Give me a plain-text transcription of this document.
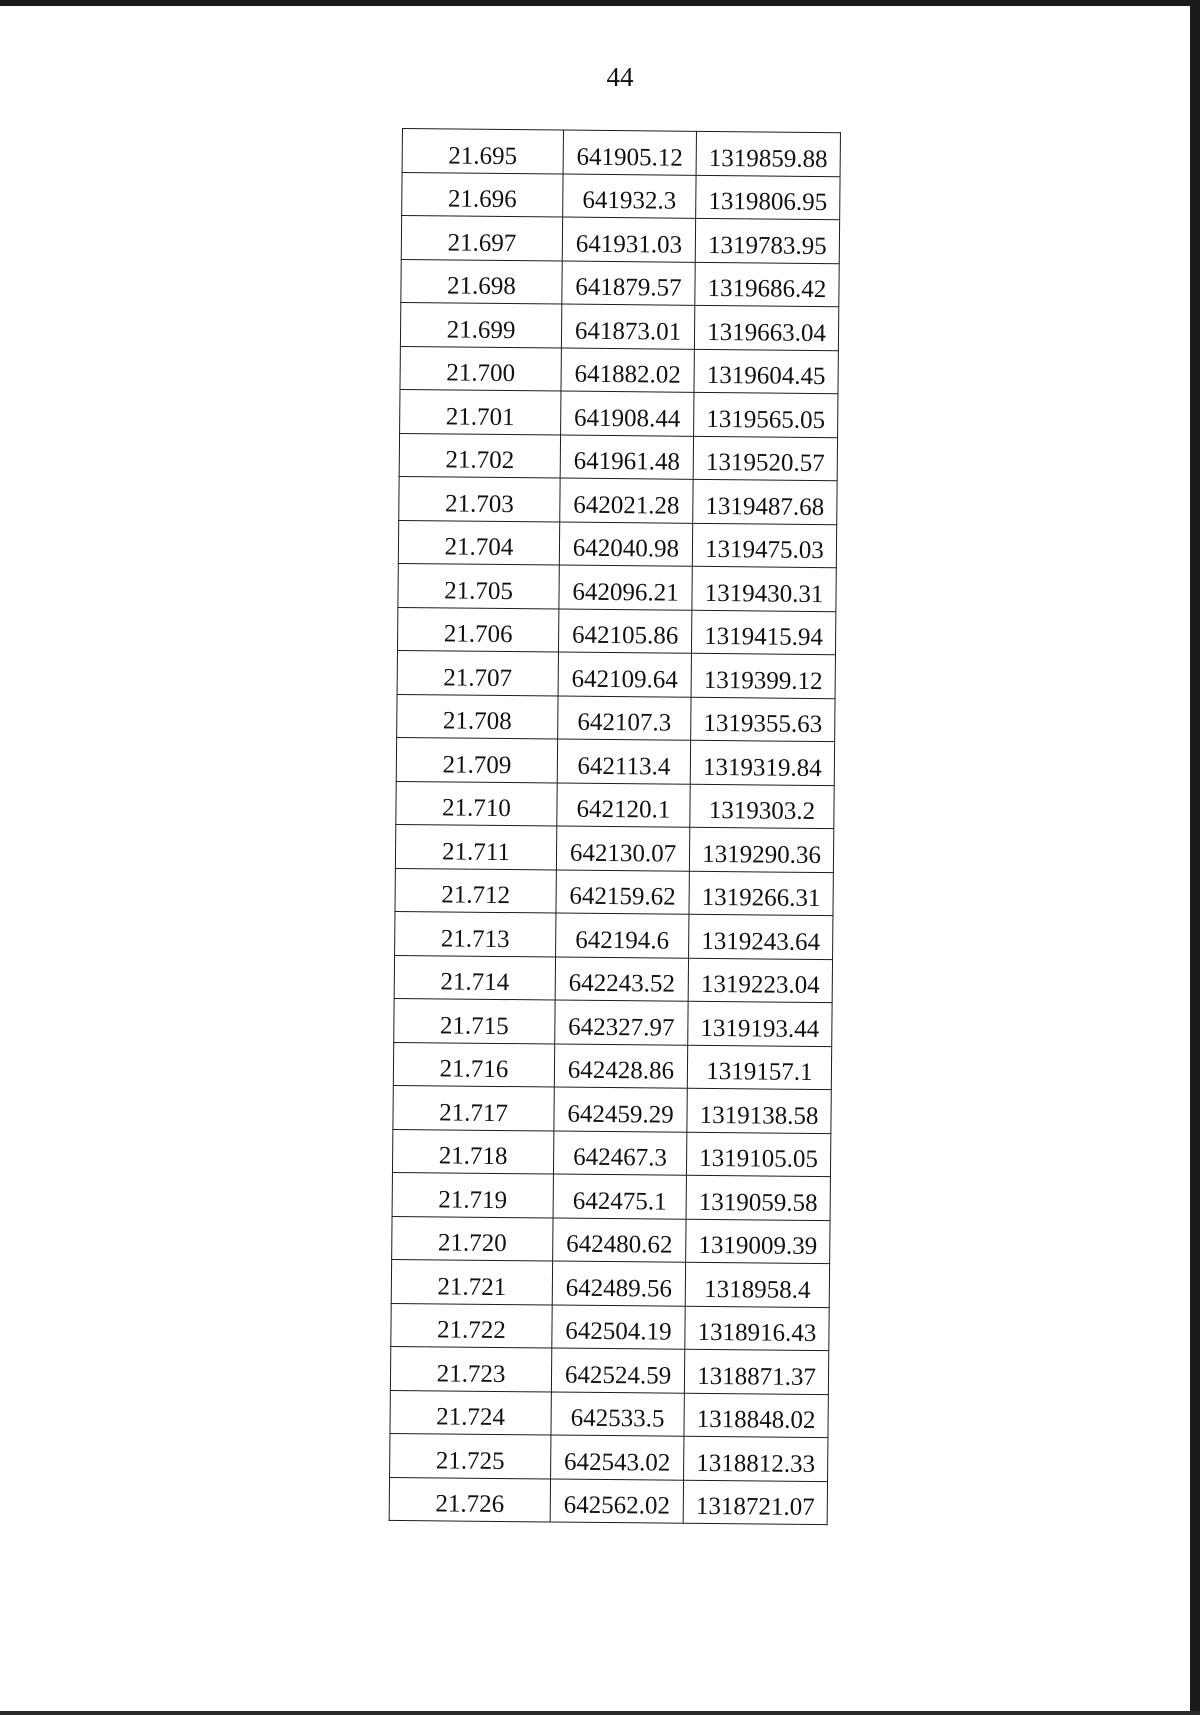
44
21.695	641905.12	1319859.88
21.696	641932.3	1319806.95
21.697	641931.03	1319783.95
21.698	641879.57	1319686.42
21.699	641873.01	1319663.04
21.700	641882.02	1319604.45
21.701	641908.44	1319565.05
21.702	641961.48	1319520.57
21.703	642021.28	1319487.68
21.704	642040.98	1319475.03
21.705	642096.21	1319430.31
21.706	642105.86	1319415.94
21.707	642109.64	1319399.12
21.708	642107.3	1319355.63
21.709	642113.4	1319319.84
21.710	642120.1	1319303.2
21.711	642130.07	1319290.36
21.712	642159.62	1319266.31
21.713	642194.6	1319243.64
21.714	642243.52	1319223.04
21.715	642327.97	1319193.44
21.716	642428.86	1319157.1
21.717	642459.29	1319138.58
21.718	642467.3	1319105.05
21.719	642475.1	1319059.58
21.720	642480.62	1319009.39
21.721	642489.56	1318958.4
21.722	642504.19	1318916.43
21.723	642524.59	1318871.37
21.724	642533.5	1318848.02
21.725	642543.02	1318812.33
21.726	642562.02	1318721.07
